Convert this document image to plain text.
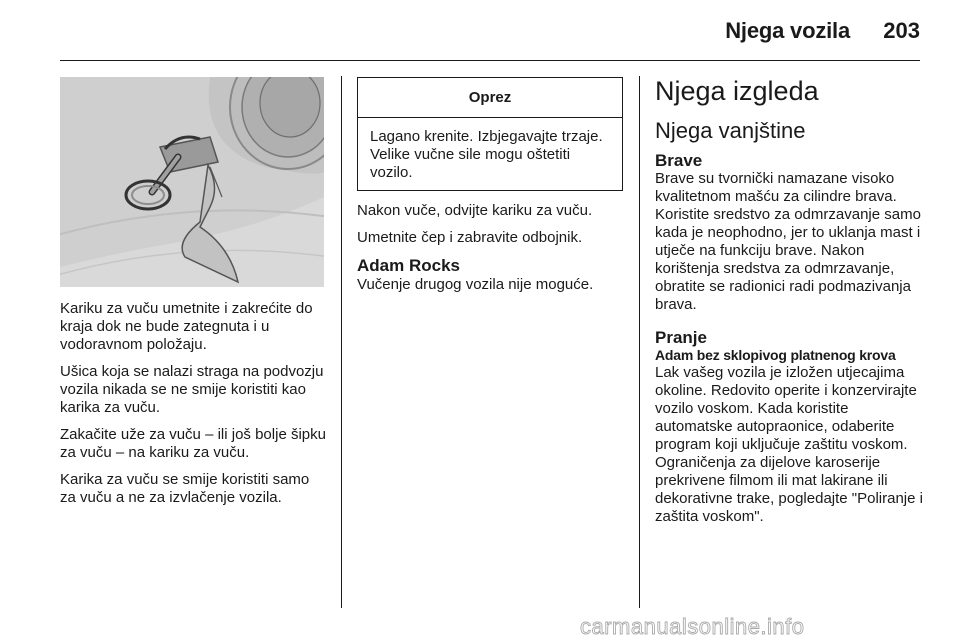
Njega vozila	203

Kariku za vuču umetnite i zakrećite do kraja dok ne bude zategnuta i u vodoravnom položaju.

Ušica koja se nalazi straga na podvozju vozila nikada se ne smije koristiti kao karika za vuču.

Zakačite uže za vuču – ili još bolje šipku za vuču – na kariku za vuču.

Karika za vuču se smije koristiti samo za vuču a ne za izvlačenje vozila.

Oprez
Lagano krenite. Izbjegavajte trzaje. Velike vučne sile mogu oštetiti vozilo.

Nakon vuče, odvijte kariku za vuču.

Umetnite čep i zabravite odbojnik.

Adam Rocks

Vučenje drugog vozila nije moguće.

Njega izgleda
Njega vanjštine
Brave

Brave su tvornički namazane visoko kvalitetnom mašću za cilindre brava. Koristite sredstvo za odmrzavanje samo kada je neophodno, jer to uklanja mast i utječe na funkciju brave. Nakon korištenja sredstva za odmrzavanje, obratite se radionici radi podmazivanja brava.

Pranje
Adam bez sklopivog platnenog krova

Lak vašeg vozila je izložen utjecajima okoline. Redovito operite i konzervirajte vozilo voskom. Kada koristite automatske autopraonice, odaberite program koji uključuje zaštitu voskom. Ograničenja za dijelove karoserije prekrivene filmom ili mat lakirane ili dekorativne trake, pogledajte "Poliranje i zaštita voskom".

carmanualsonline.info
